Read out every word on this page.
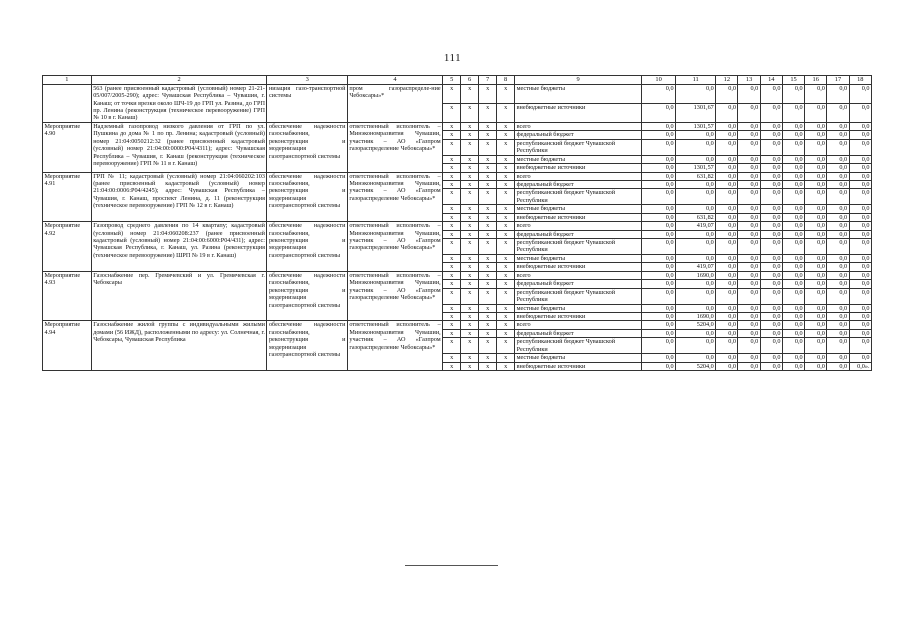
111
1	2	3	4	5	6	7	8	9	10	11	12	13	14	15	16	17	18
	563 (ранее присвоенный кадастровый (условный) номер 21-21-05/007/2005-290); адрес: Чувашская Республика – Чувашия, г. Канаш; от точки врезки около ШЧ-19 до ГРП ул. Разина, до ГРП пр. Ленина (реконструкция (техническое перевооружение) ГРП № 10 в г. Канаш)	низация газо-транспортной системы	пром газораспределе-ние Чебоксары»*	x	x	x	x	местные бюджеты	0,0	0,0	0,0	0,0	0,0	0,0	0,0	0,0	0,0
				x	x	x	x	внебюджетные источники	0,0	1301,67	0,0	0,0	0,0	0,0	0,0	0,0	0,0
Мероприятие 4.90	Надземный газопровод низкого давления от ГРП по ул. Пушкина до дома № 1 по пр. Ленина; кадастровый (условный) номер 21:04:0050212:32 (ранее присвоенный кадастровый (условный) номер 21:04:00:0000:Р04/4311); адрес: Чувашская Республика – Чувашия, г. Канаш (реконструкция (техническое перевооружение) ГРП № 11 в г. Канаш)	обеспечение надежности газоснабжения, реконструкция и модернизация газотранспортной системы	ответственный исполнитель – Минэкономразвития Чувашии, участник – АО «Газпром газораспределение Чебоксары»*	x	x	x	x	всего	0,0	1301,57	0,0	0,0	0,0	0,0	0,0	0,0	0,0
				x	x	x	x	федеральный бюджет	0,0	0,0	0,0	0,0	0,0	0,0	0,0	0,0	0,0
				x	x	x	x	республиканский бюджет Чувашской Республики	0,0	0,0	0,0	0,0	0,0	0,0	0,0	0,0	0,0
				x	x	x	x	местные бюджеты	0,0	0,0	0,0	0,0	0,0	0,0	0,0	0,0	0,0
				x	x	x	x	внебюджетные источники	0,0	1301,57	0,0	0,0	0,0	0,0	0,0	0,0	0,0
Мероприятие 4.91	ГРП № 11; кадастровый (условный) номер 21:04:060202:103 (ранее присвоенный кадастровый (условный) номер 21:04:00:0006:Р04/4245); адрес: Чувашская Республика – Чувашия, г. Канаш, проспект Ленина, д. 11 (реконструкция (техническое перевооружение) ГРП № 12 в г. Канаш)	обеспечение надежности газоснабжения, реконструкция и модернизация газотранспортной системы	ответственный исполнитель – Минэкономразвития Чувашии, участник – АО «Газпром газораспределение Чебоксары»*	x	x	x	x	всего	0,0	631,82	0,0	0,0	0,0	0,0	0,0	0,0	0,0
				x	x	x	x	федеральный бюджет	0,0	0,0	0,0	0,0	0,0	0,0	0,0	0,0	0,0
				x	x	x	x	республиканский бюджет Чувашской Республики	0,0	0,0	0,0	0,0	0,0	0,0	0,0	0,0	0,0
				x	x	x	x	местные бюджеты	0,0	0,0	0,0	0,0	0,0	0,0	0,0	0,0	0,0
				x	x	x	x	внебюджетные источники	0,0	631,82	0,0	0,0	0,0	0,0	0,0	0,0	0,0
Мероприятие 4.92	Газопровод среднего давления по 14 квартапу; кадастровый (условный) номер 21:04:060208:237 (ранее присвоенный кадастровый (условный) номер 21:04:00:6000:Р04/431); адрес: Чувашская Республика, г. Канаш, ул. Разина (реконструкция (техническое перевооружение) ШРП № 19 в г. Канаш)	обеспечение надежности газоснабжения, реконструкция и модернизация газотранспортной системы	ответственный исполнитель – Минэкономразвития Чувашии, участник – АО «Газпром газораспределение Чебоксары»*	x	x	x	x	всего	0,0	419,07	0,0	0,0	0,0	0,0	0,0	0,0	0,0
				x	x	x	x	федеральный бюджет	0,0	0,0	0,0	0,0	0,0	0,0	0,0	0,0	0,0
				x	x	x	x	республиканский бюджет Чувашской Республики	0,0	0,0	0,0	0,0	0,0	0,0	0,0	0,0	0,0
				x	x	x	x	местные бюджеты	0,0	0,0	0,0	0,0	0,0	0,0	0,0	0,0	0,0
				x	x	x	x	внебюджетные источники	0,0	419,07	0,0	0,0	0,0	0,0	0,0	0,0	0,0
Мероприятие 4.93	Газоснабжение пер. Гремячевский и ул. Гремячевская г. Чебоксары	обеспечение надежности газоснабжения, реконструкция и модернизация газотранспортной системы	ответственный исполнитель – Минэкономразвития Чувашии, участник – АО «Газпром газораспределение Чебоксары»*	x	x	x	x	всего	0,0	1690,0	0,0	0,0	0,0	0,0	0,0	0,0	0,0
				x	x	x	x	федеральный бюджет	0,0	0,0	0,0	0,0	0,0	0,0	0,0	0,0	0,0
				x	x	x	x	республиканский бюджет Чувашской Республики	0,0	0,0	0,0	0,0	0,0	0,0	0,0	0,0	0,0
				x	x	x	x	местные бюджеты	0,0	0,0	0,0	0,0	0,0	0,0	0,0	0,0	0,0
				x	x	x	x	внебюджетные источники	0,0	1690,0	0,0	0,0	0,0	0,0	0,0	0,0	0,0
Мероприятие 4.94	Газоснабжение жилой группы с индивидуальными жилыми домами (56 ИЖД), расположенными по адресу: ул. Солнечная, г. Чебоксары, Чувашская Республика	обеспечение надежности газоснабжения, реконструкция и модернизация газотранспортной системы	ответственный исполнитель – Минэкономразвития Чувашии, участник – АО «Газпром газораспределение Чебоксары»*	x	x	x	x	всего	0,0	5204,0	0,0	0,0	0,0	0,0	0,0	0,0	0,0
				x	x	x	x	федеральный бюджет	0,0	0,0	0,0	0,0	0,0	0,0	0,0	0,0	0,0
				x	x	x	x	республиканский бюджет Чувашской Республики	0,0	0,0	0,0	0,0	0,0	0,0	0,0	0,0	0,0
				x	x	x	x	местные бюджеты	0,0	0,0	0,0	0,0	0,0	0,0	0,0	0,0	0,0
				x	x	x	x	внебюджетные источники	0,0	5204,0	0,0	0,0	0,0	0,0	0,0	0,0	0,0».
